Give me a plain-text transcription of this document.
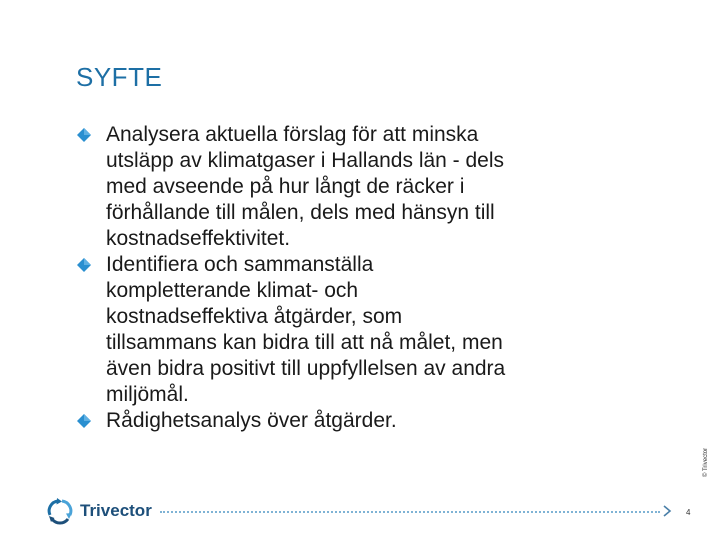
SYFTE
Analysera aktuella förslag för att minska utsläpp av klimatgaser i Hallands län - dels med avseende på hur långt de räcker i förhållande till målen, dels med hänsyn till kostnadseffektivitet.
Identifiera och sammanställa kompletterande klimat- och kostnadseffektiva åtgärder, som tillsammans kan bidra till att nå målet, men även bidra positivt till uppfyllelsen av andra miljömål.
Rådighetsanalys över åtgärder.
© Trivector
Trivector	4
